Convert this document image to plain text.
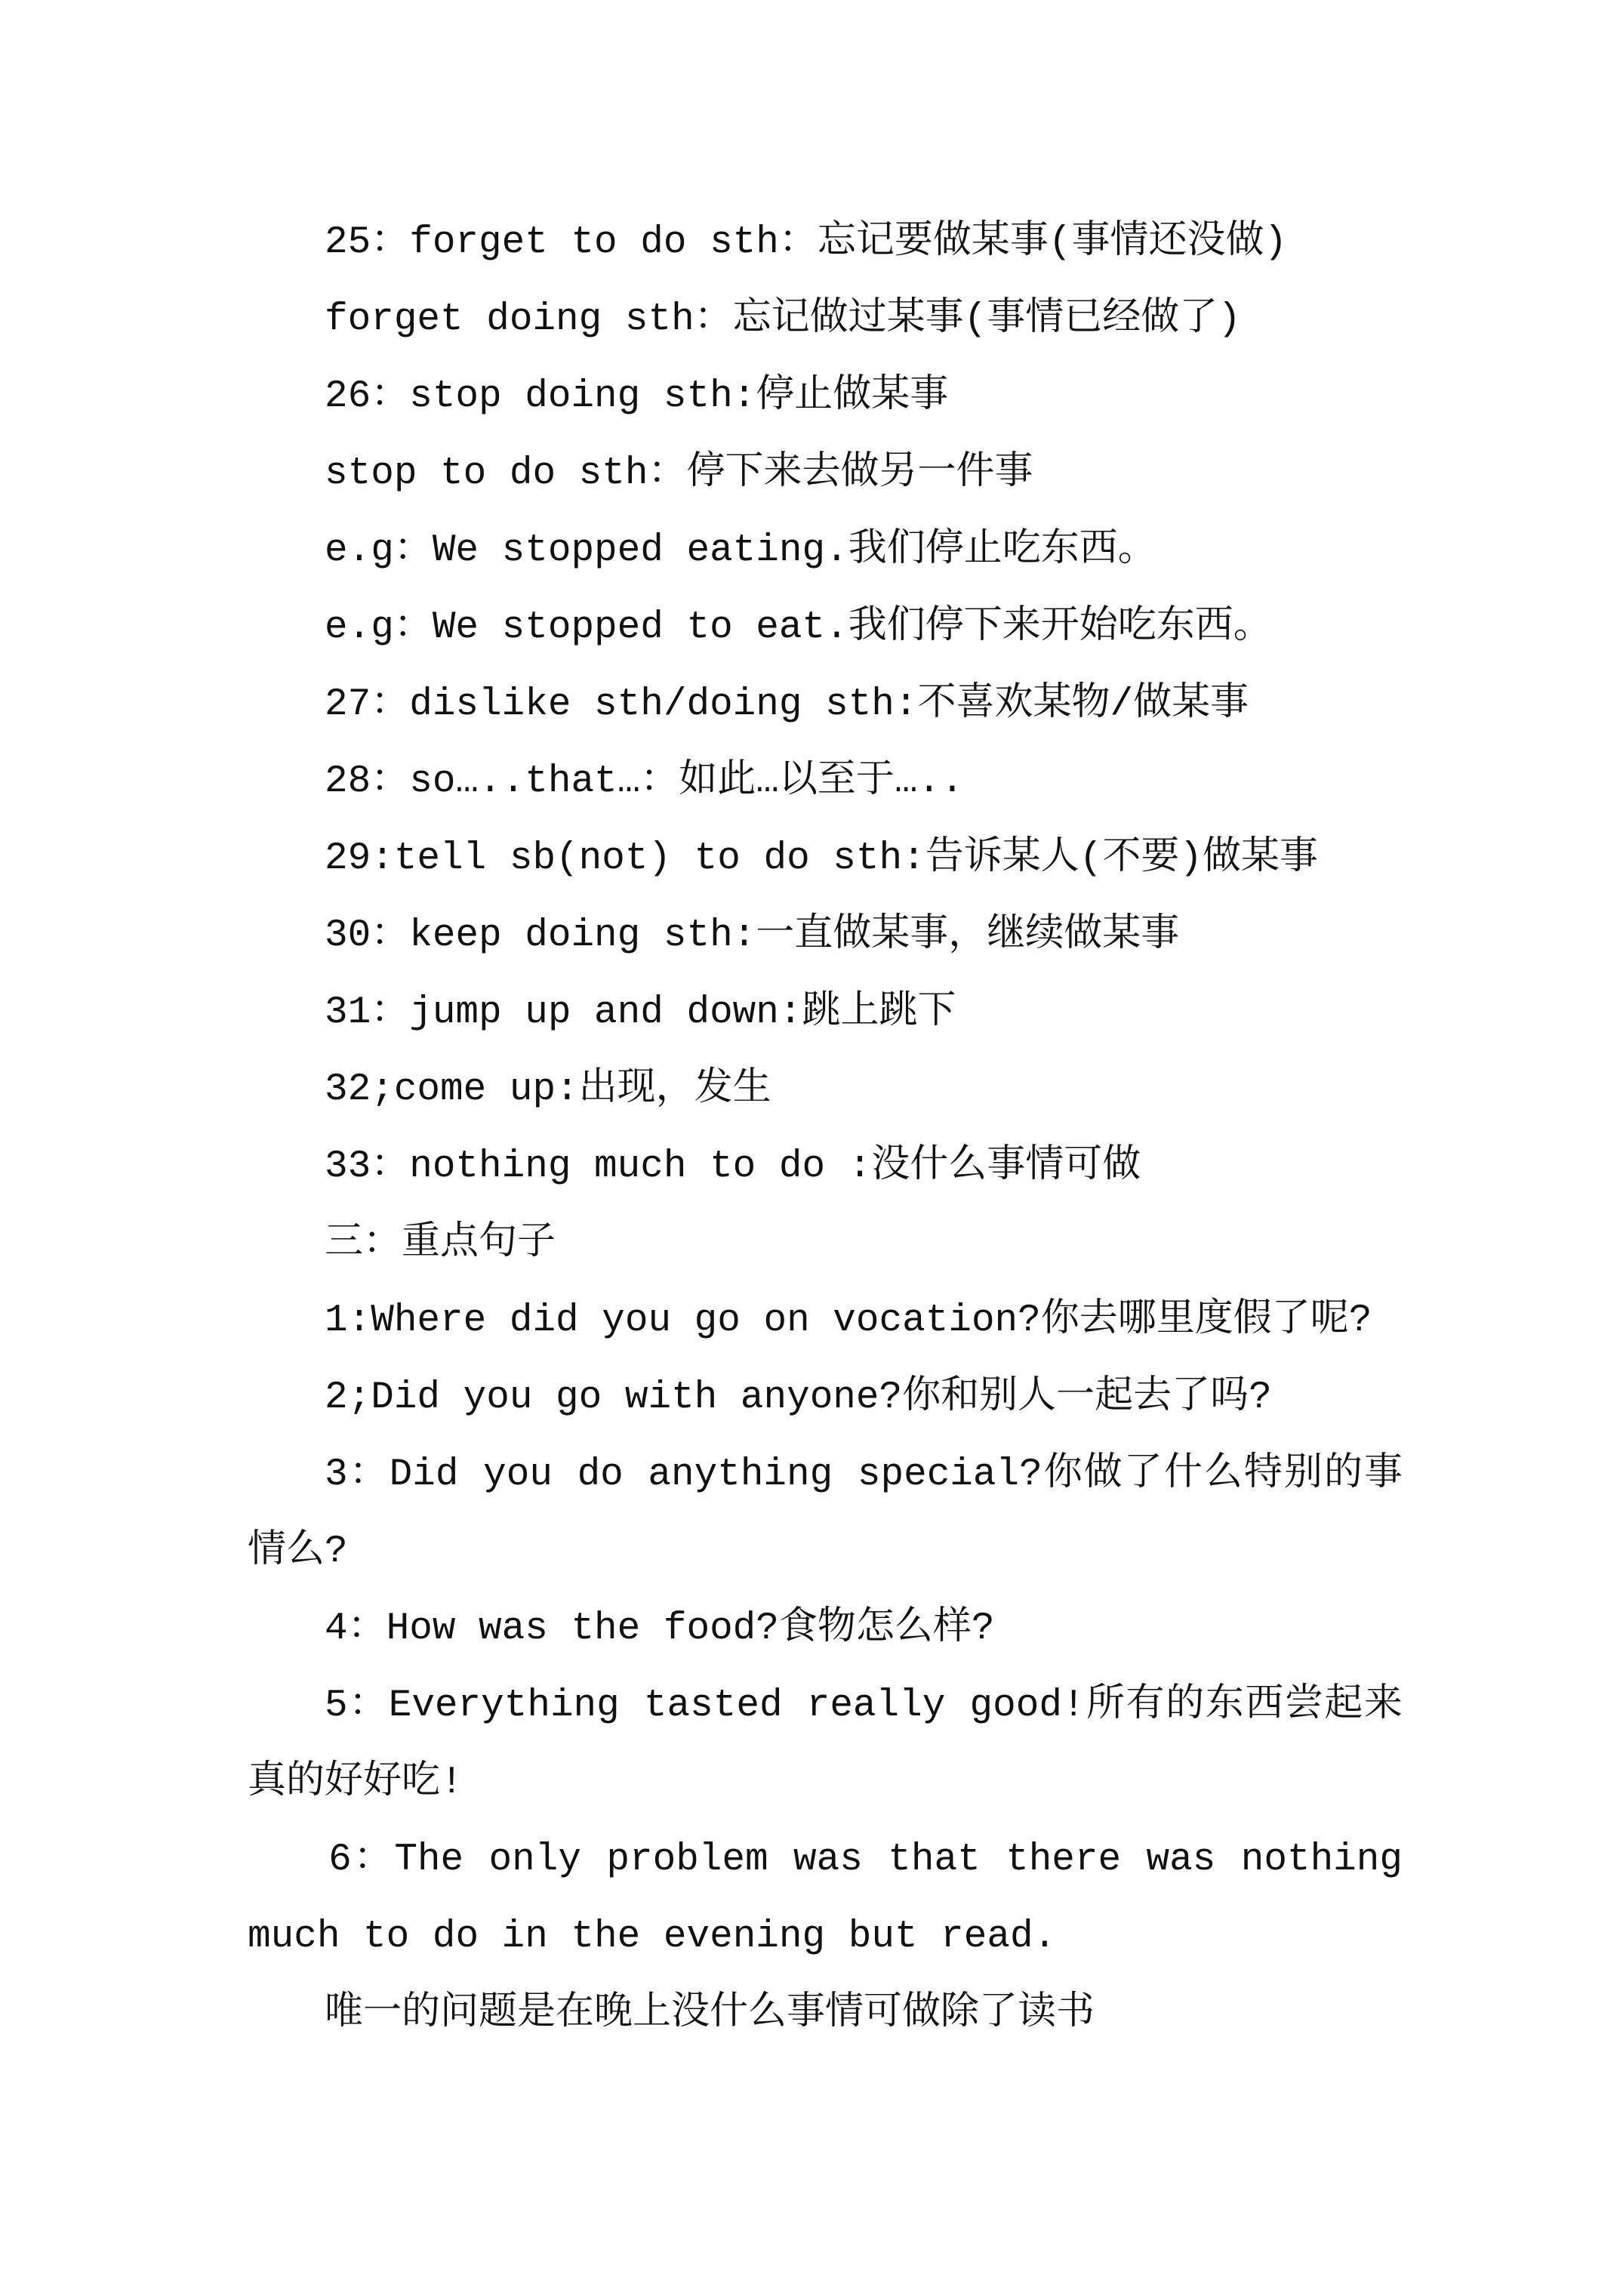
25：forget to do sth：忘记要做某事(事情还没做)

forget doing sth：忘记做过某事(事情已经做了)

26：stop doing sth:停止做某事

stop to do sth：停下来去做另一件事

e.g：We stopped eating.我们停止吃东西。

e.g：We stopped to eat.我们停下来开始吃东西。

27：dislike sth/doing sth:不喜欢某物/做某事

28：so…..that…：如此…以至于…..

29:tell sb(not) to do sth:告诉某人(不要)做某事

30：keep doing sth:一直做某事，继续做某事

31：jump up and down:跳上跳下

32;come up:出现，发生

33：nothing much to do :没什么事情可做

三：重点句子

1:Where did you go on vocation?你去哪里度假了呢?

2;Did you go with anyone?你和别人一起去了吗?

3：Did you do anything special?你做了什么特别的事情么?

4：How was the food?食物怎么样?

5：Everything tasted really good!所有的东西尝起来真的好好吃!

6：The only problem was that there was nothing much to do in the evening but read.

唯一的问题是在晚上没什么事情可做除了读书
